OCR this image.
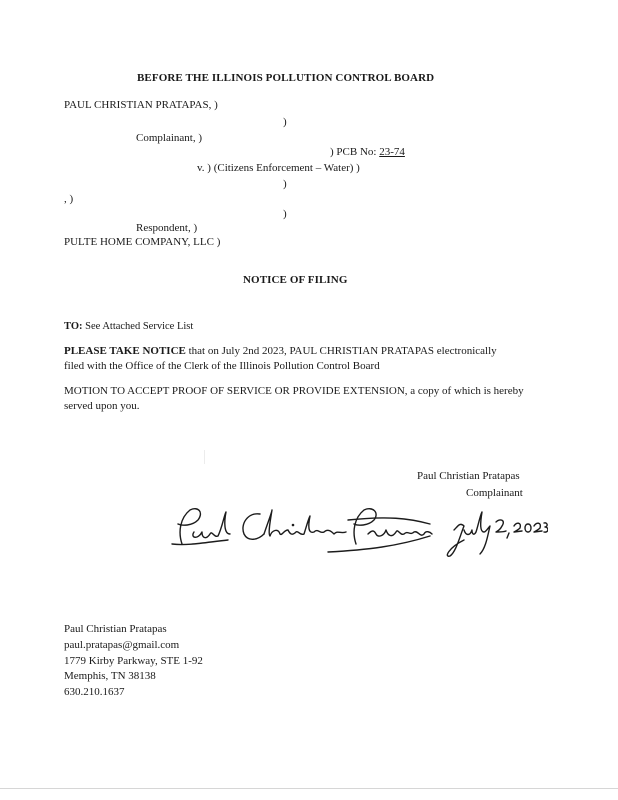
BEFORE THE ILLINOIS POLLUTION CONTROL BOARD
PAUL CHRISTIAN PRATAPAS, )
)
Complainant, )
) PCB No: 23-74
v. ) (Citizens Enforcement – Water) )
)
, )
)
Respondent, )
PULTE HOME COMPANY, LLC )
NOTICE OF FILING
TO: See Attached Service List
PLEASE TAKE NOTICE that on July 2nd 2023, PAUL CHRISTIAN PRATAPAS electronically filed with the Office of the Clerk of the Illinois Pollution Control Board
MOTION TO ACCEPT PROOF OF SERVICE OR PROVIDE EXTENSION, a copy of which is hereby served upon you.
Paul Christian Pratapas
Complainant
Paul Christian Pratapas
paul.pratapas@gmail.com
1779 Kirby Parkway, STE 1-92
Memphis, TN 38138
630.210.1637
